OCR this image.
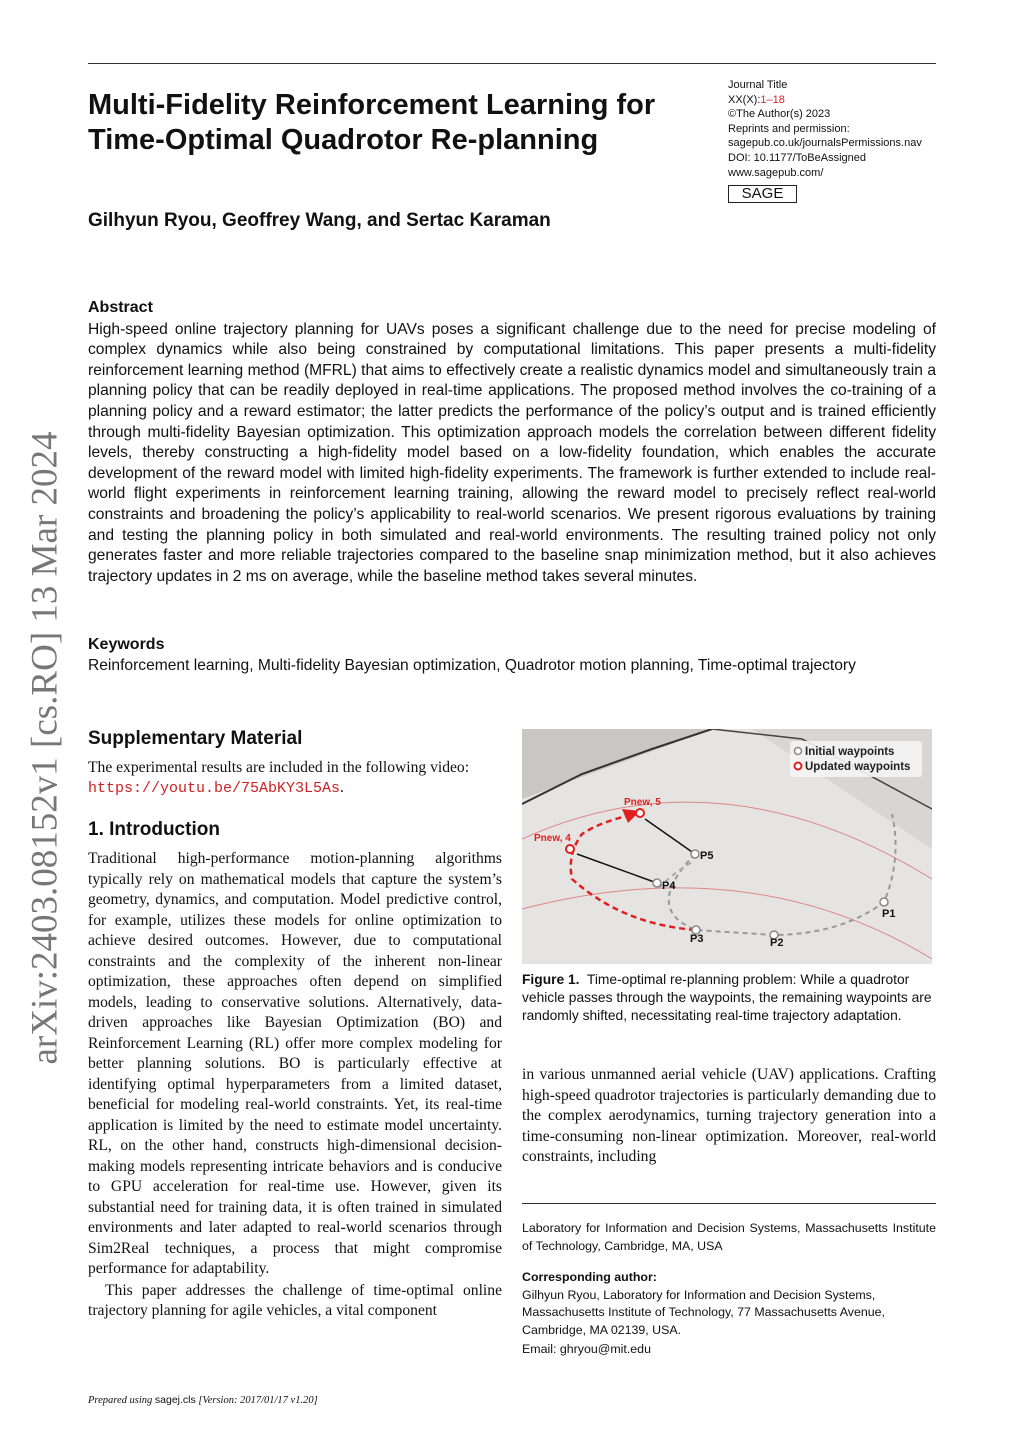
arXiv:2403.08152v1 [cs.RO] 13 Mar 2024
Multi-Fidelity Reinforcement Learning for Time-Optimal Quadrotor Re-planning
Journal Title
XX(X):1–18
©The Author(s) 2023
Reprints and permission:
sagepub.co.uk/journalsPermissions.nav
DOI: 10.1177/ToBeAssigned
www.sagepub.com/
SAGE
Gilhyun Ryou, Geoffrey Wang, and Sertac Karaman
Abstract
High-speed online trajectory planning for UAVs poses a significant challenge due to the need for precise modeling of complex dynamics while also being constrained by computational limitations. This paper presents a multi-fidelity reinforcement learning method (MFRL) that aims to effectively create a realistic dynamics model and simultaneously train a planning policy that can be readily deployed in real-time applications. The proposed method involves the co-training of a planning policy and a reward estimator; the latter predicts the performance of the policy’s output and is trained efficiently through multi-fidelity Bayesian optimization. This optimization approach models the correlation between different fidelity levels, thereby constructing a high-fidelity model based on a low-fidelity foundation, which enables the accurate development of the reward model with limited high-fidelity experiments. The framework is further extended to include real-world flight experiments in reinforcement learning training, allowing the reward model to precisely reflect real-world constraints and broadening the policy’s applicability to real-world scenarios. We present rigorous evaluations by training and testing the planning policy in both simulated and real-world environments. The resulting trained policy not only generates faster and more reliable trajectories compared to the baseline snap minimization method, but it also achieves trajectory updates in 2 ms on average, while the baseline method takes several minutes.
Keywords
Reinforcement learning, Multi-fidelity Bayesian optimization, Quadrotor motion planning, Time-optimal trajectory
Supplementary Material
The experimental results are included in the following video:
https://youtu.be/75AbKY3L5As.
1. Introduction

Traditional high-performance motion-planning algorithms typically rely on mathematical models that capture the system’s geometry, dynamics, and computation. Model predictive control, for example, utilizes these models for online optimization to achieve desired outcomes. However, due to computational constraints and the complexity of the inherent non-linear optimization, these approaches often depend on simplified models, leading to conservative solutions. Alternatively, data-driven approaches like Bayesian Optimization (BO) and Reinforcement Learning (RL) offer more complex modeling for better planning solutions. BO is particularly effective at identifying optimal hyperparameters from a limited dataset, beneficial for modeling real-world constraints. Yet, its real-time application is limited by the need to estimate model uncertainty. RL, on the other hand, constructs high-dimensional decision-making models representing intricate behaviors and is conducive to GPU acceleration for real-time use. However, given its substantial need for training data, it is often trained in simulated environments and later adapted to real-world scenarios through Sim2Real techniques, a process that might compromise performance for adaptability.

This paper addresses the challenge of time-optimal online trajectory planning for agile vehicles, a vital component

P1
P2
P3
P4
P5
Pnew, 4
Pnew, 5
Initial waypoints
Updated waypoints
Figure 1. Time-optimal re-planning problem: While a quadrotor vehicle passes through the waypoints, the remaining waypoints are randomly shifted, necessitating real-time trajectory adaptation.
in various unmanned aerial vehicle (UAV) applications. Crafting high-speed quadrotor trajectories is particularly demanding due to the complex aerodynamics, turning trajectory generation into a time-consuming non-linear optimization. Moreover, real-world constraints, including
Laboratory for Information and Decision Systems, Massachusetts Institute of Technology, Cambridge, MA, USA
Corresponding author:
Gilhyun Ryou, Laboratory for Information and Decision Systems, Massachusetts Institute of Technology, 77 Massachusetts Avenue, Cambridge, MA 02139, USA.
Email: ghryou@mit.edu
Prepared using sagej.cls [Version: 2017/01/17 v1.20]
